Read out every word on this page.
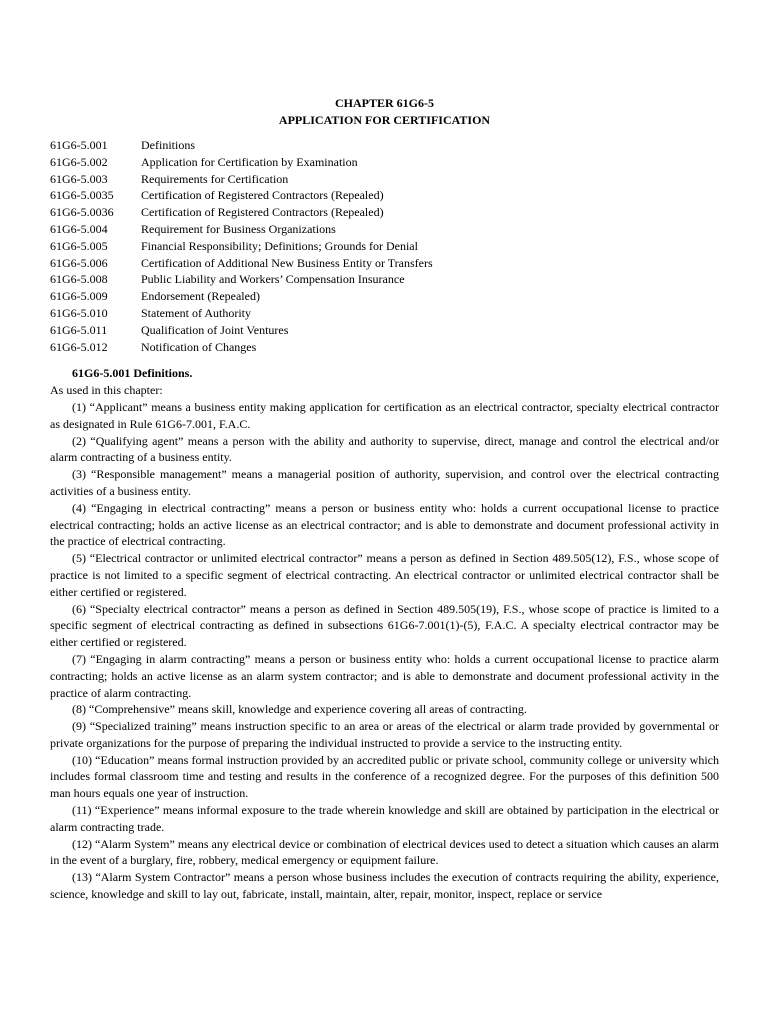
CHAPTER 61G6-5
APPLICATION FOR CERTIFICATION
61G6-5.001	Definitions
61G6-5.002	Application for Certification by Examination
61G6-5.003	Requirements for Certification
61G6-5.0035	Certification of Registered Contractors (Repealed)
61G6-5.0036	Certification of Registered Contractors (Repealed)
61G6-5.004	Requirement for Business Organizations
61G6-5.005	Financial Responsibility; Definitions; Grounds for Denial
61G6-5.006	Certification of Additional New Business Entity or Transfers
61G6-5.008	Public Liability and Workers’ Compensation Insurance
61G6-5.009	Endorsement (Repealed)
61G6-5.010	Statement of Authority
61G6-5.011	Qualification of Joint Ventures
61G6-5.012	Notification of Changes
61G6-5.001 Definitions.
As used in this chapter:
(1) “Applicant” means a business entity making application for certification as an electrical contractor, specialty electrical contractor as designated in Rule 61G6-7.001, F.A.C.
(2) “Qualifying agent” means a person with the ability and authority to supervise, direct, manage and control the electrical and/or alarm contracting of a business entity.
(3) “Responsible management” means a managerial position of authority, supervision, and control over the electrical contracting activities of a business entity.
(4) “Engaging in electrical contracting” means a person or business entity who: holds a current occupational license to practice electrical contracting; holds an active license as an electrical contractor; and is able to demonstrate and document professional activity in the practice of electrical contracting.
(5) “Electrical contractor or unlimited electrical contractor” means a person as defined in Section 489.505(12), F.S., whose scope of practice is not limited to a specific segment of electrical contracting. An electrical contractor or unlimited electrical contractor shall be either certified or registered.
(6) “Specialty electrical contractor” means a person as defined in Section 489.505(19), F.S., whose scope of practice is limited to a specific segment of electrical contracting as defined in subsections 61G6-7.001(1)-(5), F.A.C. A specialty electrical contractor may be either certified or registered.
(7) “Engaging in alarm contracting” means a person or business entity who: holds a current occupational license to practice alarm contracting; holds an active license as an alarm system contractor; and is able to demonstrate and document professional activity in the practice of alarm contracting.
(8) “Comprehensive” means skill, knowledge and experience covering all areas of contracting.
(9) “Specialized training” means instruction specific to an area or areas of the electrical or alarm trade provided by governmental or private organizations for the purpose of preparing the individual instructed to provide a service to the instructing entity.
(10) “Education” means formal instruction provided by an accredited public or private school, community college or university which includes formal classroom time and testing and results in the conference of a recognized degree. For the purposes of this definition 500 man hours equals one year of instruction.
(11) “Experience” means informal exposure to the trade wherein knowledge and skill are obtained by participation in the electrical or alarm contracting trade.
(12) “Alarm System” means any electrical device or combination of electrical devices used to detect a situation which causes an alarm in the event of a burglary, fire, robbery, medical emergency or equipment failure.
(13) “Alarm System Contractor” means a person whose business includes the execution of contracts requiring the ability, experience, science, knowledge and skill to lay out, fabricate, install, maintain, alter, repair, monitor, inspect, replace or service
